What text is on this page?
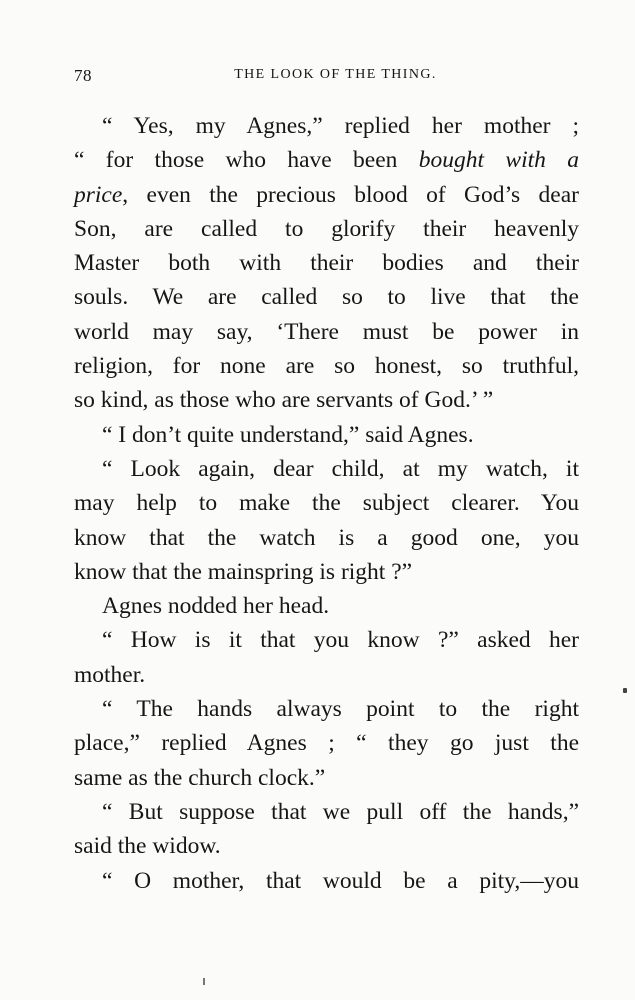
78	THE LOOK OF THE THING.
“ Yes, my Agnes,” replied her mother ;
“ for those who have been bought with a
price, even the precious blood of God’s dear
Son, are called to glorify their heavenly
Master both with their bodies and their
souls. We are called so to live that the
world may say, ‘There must be power in
religion, for none are so honest, so truthful,
so kind, as those who are servants of God.’ ”
“ I don’t quite understand,” said Agnes.
“ Look again, dear child, at my watch, it
may help to make the subject clearer. You
know that the watch is a good one, you
know that the mainspring is right ?”
Agnes nodded her head.
“ How is it that you know ?” asked her
mother.
“ The hands always point to the right
place,” replied Agnes ; “ they go just the
same as the church clock.”
“ But suppose that we pull off the hands,”
said the widow.
“ O mother, that would be a pity,—you
